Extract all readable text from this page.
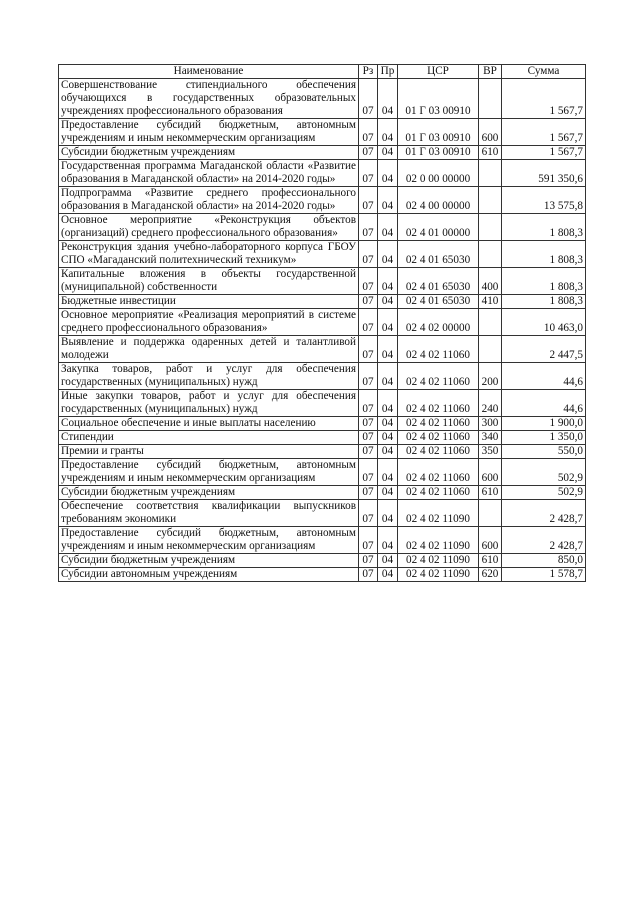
Наименование	Рз	Пр	ЦСР	ВР	Сумма
Совершенствование стипендиального обеспечения обучающихся в государственных образовательных учреждениях профессионального образования	07	04	01 Г 03 00910		1 567,7
Предоставление субсидий бюджетным, автономным учреждениям и иным некоммерческим организациям	07	04	01 Г 03 00910	600	1 567,7
Субсидии бюджетным учреждениям	07	04	01 Г 03 00910	610	1 567,7
Государственная программа Магаданской области «Развитие образования в Магаданской области» на 2014-2020 годы»	07	04	02 0 00 00000		591 350,6
Подпрограмма «Развитие среднего профессионального образования в Магаданской области» на 2014-2020 годы»	07	04	02 4 00 00000		13 575,8
Основное мероприятие «Реконструкция объектов (организаций) среднего профессионального образования»	07	04	02 4 01 00000		1 808,3
Реконструкция здания учебно-лабораторного корпуса ГБОУ СПО «Магаданский политехнический техникум»	07	04	02 4 01 65030		1 808,3
Капитальные вложения в объекты государственной (муниципальной) собственности	07	04	02 4 01 65030	400	1 808,3
Бюджетные инвестиции	07	04	02 4 01 65030	410	1 808,3
Основное мероприятие «Реализация мероприятий в системе среднего профессионального образования»	07	04	02 4 02 00000		10 463,0
Выявление и поддержка одаренных детей и талантливой молодежи	07	04	02 4 02 11060		2 447,5
Закупка товаров, работ и услуг для обеспечения государственных (муниципальных) нужд	07	04	02 4 02 11060	200	44,6
Иные закупки товаров, работ и услуг для обеспечения государственных (муниципальных) нужд	07	04	02 4 02 11060	240	44,6
Социальное обеспечение и иные выплаты населению	07	04	02 4 02 11060	300	1 900,0
Стипендии	07	04	02 4 02 11060	340	1 350,0
Премии и гранты	07	04	02 4 02 11060	350	550,0
Предоставление субсидий бюджетным, автономным учреждениям и иным некоммерческим организациям	07	04	02 4 02 11060	600	502,9
Субсидии бюджетным учреждениям	07	04	02 4 02 11060	610	502,9
Обеспечение соответствия квалификации выпускников требованиям экономики	07	04	02 4 02 11090		2 428,7
Предоставление субсидий бюджетным, автономным учреждениям и иным некоммерческим организациям	07	04	02 4 02 11090	600	2 428,7
Субсидии бюджетным учреждениям	07	04	02 4 02 11090	610	850,0
Субсидии автономным учреждениям	07	04	02 4 02 11090	620	1 578,7
